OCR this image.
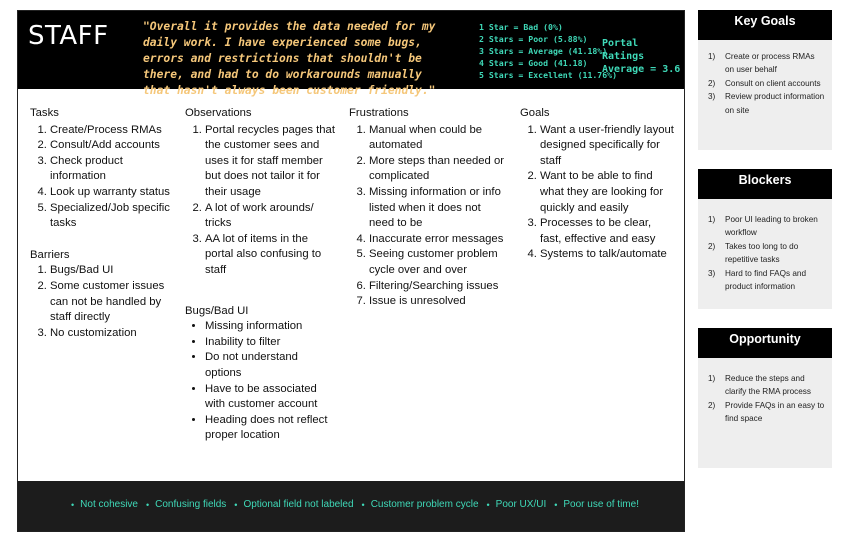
STAFF	"Overall it provides the data needed for my daily work. I have experienced some bugs, errors and restrictions that shouldn't be there, and had to do workarounds manually that hasn't always been customer friendly."
1 Star = Bad (0%)
2 Stars = Poor (5.88%)
3 Stars = Average (41.18%)
4 Stars = Good (41.18)
5 Stars = Excellent (11.76%)
Portal Ratings
Average = 3.6
Tasks
1. Create/Process RMAs
2. Consult/Add accounts
3. Check product information
4. Look up warranty status
5. Specialized/Job specific tasks
Barriers
1. Bugs/Bad UI
2. Some customer issues can not be handled by staff directly
3. No customization
Observations
1. Portal recycles pages that the customer sees and uses it for staff member but does not tailor it for their usage
2. A lot of work arounds/ tricks
3. AA lot of items in the portal also confusing to staff
Bugs/Bad UI
• Missing information
• Inability to filter
• Do not understand options
• Have to be associated with customer account
• Heading does not reflect proper location
Frustrations
1. Manual when could be automated
2. More steps than needed or complicated
3. Missing information or info listed when it does not need to be
4. Inaccurate error messages
5. Seeing customer problem cycle over and over
6. Filtering/Searching issues
7. Issue is unresolved
Goals
1. Want a user-friendly layout designed specifically for staff
2. Want to be able to find what they are looking for quickly and easily
3. Processes to be clear, fast, effective and easy
4. Systems to talk/automate
• Not cohesive • Confusing fields • Optional field not labeled • Customer problem cycle • Poor UX/UI • Poor use of time!
Key Goals
1)	Create or process RMAs on user behalf
2)	Consult on client accounts
3)	Review product information on site
Blockers
1)	Poor UI leading to broken workflow
2)	Takes too long to do repetitive tasks
3)	Hard to find FAQs and product information
Opportunity
1)	Reduce the steps and clarify the RMA process
2)	Provide FAQs in an easy to find space
